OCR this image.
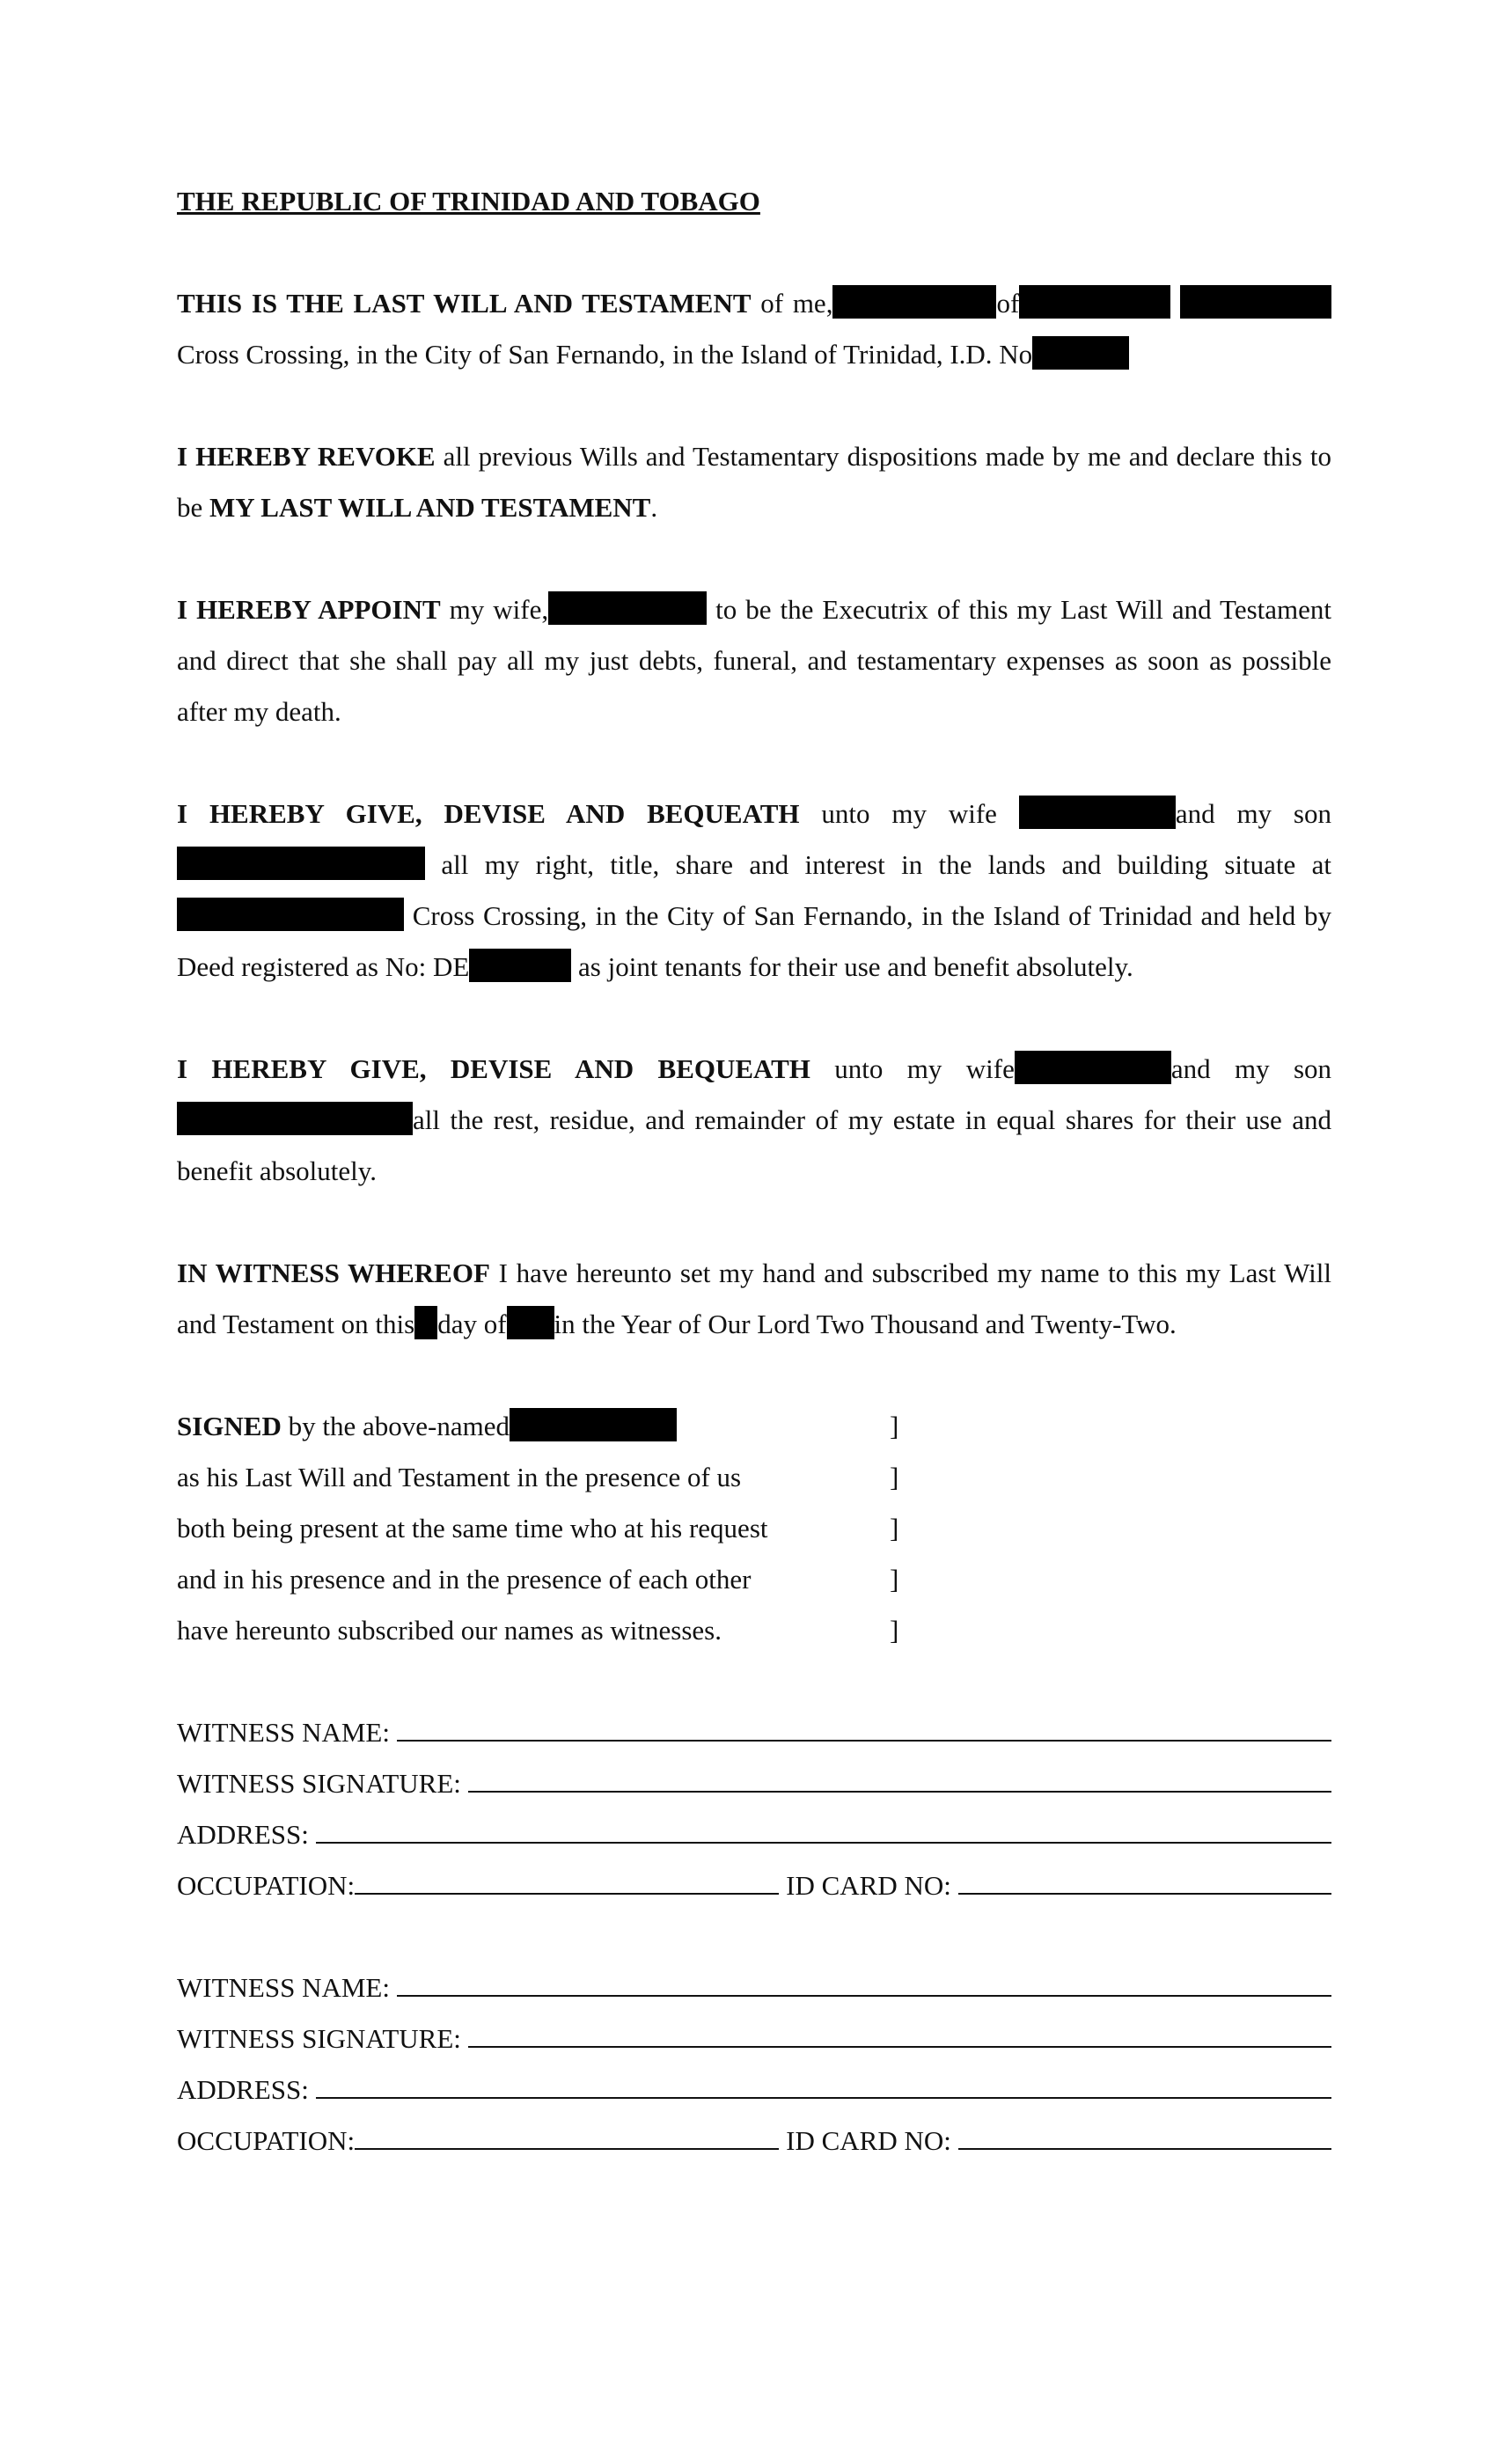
THE REPUBLIC OF TRINIDAD AND TOBAGO
THIS IS THE LAST WILL AND TESTAMENT of me,	of Cross Crossing, in the City of San Fernando, in the Island of Trinidad, I.D. No
I HEREBY REVOKE all previous Wills and Testamentary dispositions made by me and declare this to be MY LAST WILL AND TESTAMENT.
I HEREBY APPOINT my wife,	to be the Executrix of this my Last Will and Testament and direct that she shall pay all my just debts, funeral, and testamentary expenses as soon as possible after my death.
I HEREBY GIVE, DEVISE AND BEQUEATH unto my wife	and my son  all my right, title, share and interest in the lands and building situate at  Cross Crossing, in the City of San Fernando, in the Island of Trinidad and held by Deed registered as No: DE	as joint tenants for their use and benefit absolutely.
I HEREBY GIVE, DEVISE AND BEQUEATH unto my wife	and my son all the rest, residue, and remainder of my estate in equal shares for their use and benefit absolutely.
IN WITNESS WHEREOF I have hereunto set my hand and subscribed my name to this my Last Will and Testament on this day of in the Year of Our Lord Two Thousand and Twenty-Two.
SIGNED by the above-named	]
as his Last Will and Testament in the presence of us	]
both being present at the same time who at his request	]
and in his presence and in the presence of each other	]
have hereunto subscribed our names as witnesses.	]
WITNESS NAME:
WITNESS SIGNATURE:
ADDRESS:
OCCUPATION:	ID CARD NO:
WITNESS NAME:
WITNESS SIGNATURE:
ADDRESS:
OCCUPATION:	ID CARD NO:
